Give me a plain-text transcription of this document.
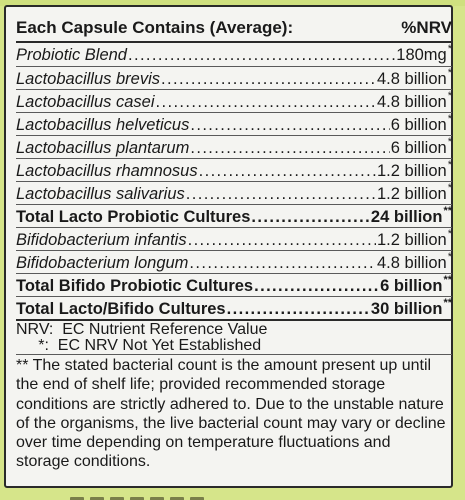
Each Capsule Contains (Average):	%NRV
Probiotic Blend .....	180mg *
Lactobacillus brevis .....	4.8 billion *
Lactobacillus casei .....	4.8 billion *
Lactobacillus helveticus .....	6 billion *
Lactobacillus plantarum .....	6 billion *
Lactobacillus rhamnosus .....	1.2 billion *
Lactobacillus salivarius .....	1.2 billion *
Total Lacto Probiotic Cultures .....	24 billion **
Bifidobacterium infantis .....	1.2 billion *
Bifidobacterium longum .....	4.8 billion *
Total Bifido Probiotic Cultures .....	6 billion **
Total Lacto/Bifido Cultures .....	30 billion **
NRV:  EC Nutrient Reference Value
*:  EC NRV Not Yet Established
** The stated bacterial count is the amount present up until the end of shelf life; provided recommended storage conditions are strictly adhered to. Due to the unstable nature of the organisms, the live bacterial count may vary or decline over time depending on temperature fluctuations and storage conditions.
